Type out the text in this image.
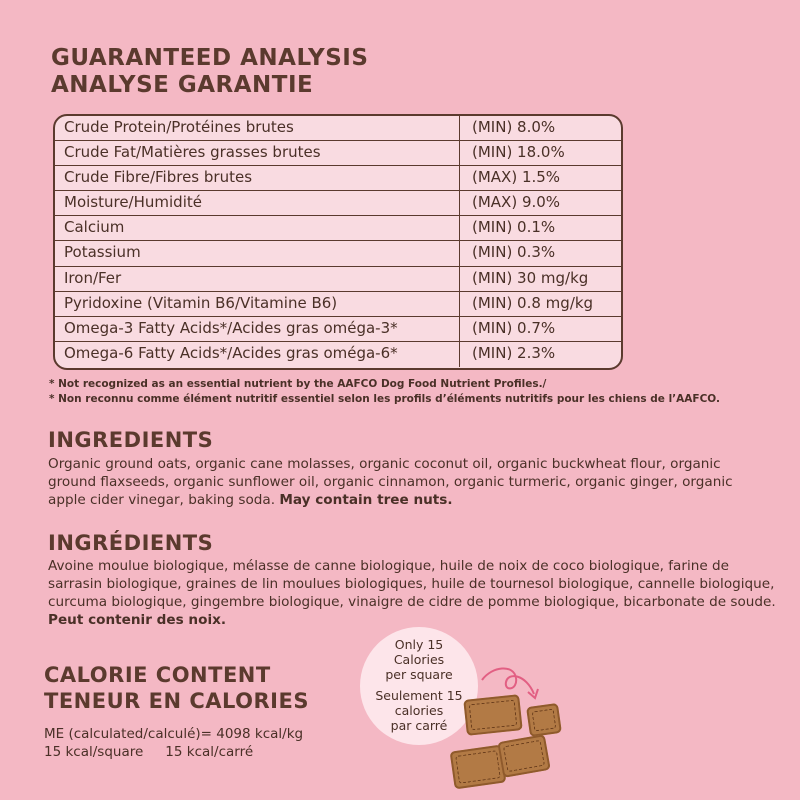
GUARANTEED ANALYSIS
ANALYSE GARANTIE
Crude Protein/Protéines brutes	(MIN) 8.0%
Crude Fat/Matières grasses brutes	(MIN) 18.0%
Crude Fibre/Fibres brutes	(MAX) 1.5%
Moisture/Humidité	(MAX) 9.0%
Calcium	(MIN) 0.1%
Potassium	(MIN) 0.3%
Iron/Fer	(MIN) 30 mg/kg
Pyridoxine (Vitamin B6/Vitamine B6)	(MIN) 0.8 mg/kg
Omega-3 Fatty Acids*/Acides gras oméga-3*	(MIN) 0.7%
Omega-6 Fatty Acids*/Acides gras oméga-6*	(MIN) 2.3%
* Not recognized as an essential nutrient by the AAFCO Dog Food Nutrient Profiles./
* Non reconnu comme élément nutritif essentiel selon les profils d’éléments nutritifs pour les chiens de l’AAFCO.
INGREDIENTS
Organic ground oats, organic cane molasses, organic coconut oil, organic buckwheat flour, organic ground flaxseeds, organic sunflower oil, organic cinnamon, organic turmeric, organic ginger, organic apple cider vinegar, baking soda. May contain tree nuts.
INGRÉDIENTS
Avoine moulue biologique, mélasse de canne biologique, huile de noix de coco biologique, farine de sarrasin biologique, graines de lin moulues biologiques, huile de tournesol biologique, cannelle biologique, curcuma biologique, gingembre biologique, vinaigre de cidre de pomme biologique, bicarbonate de soude.
Peut contenir des noix.
CALORIE CONTENT
TENEUR EN CALORIES
ME (calculated/calculé)= 4098 kcal/kg
15 kcal/square 15 kcal/carré
Only 15
Calories
per square
Seulement 15
calories
par carré
